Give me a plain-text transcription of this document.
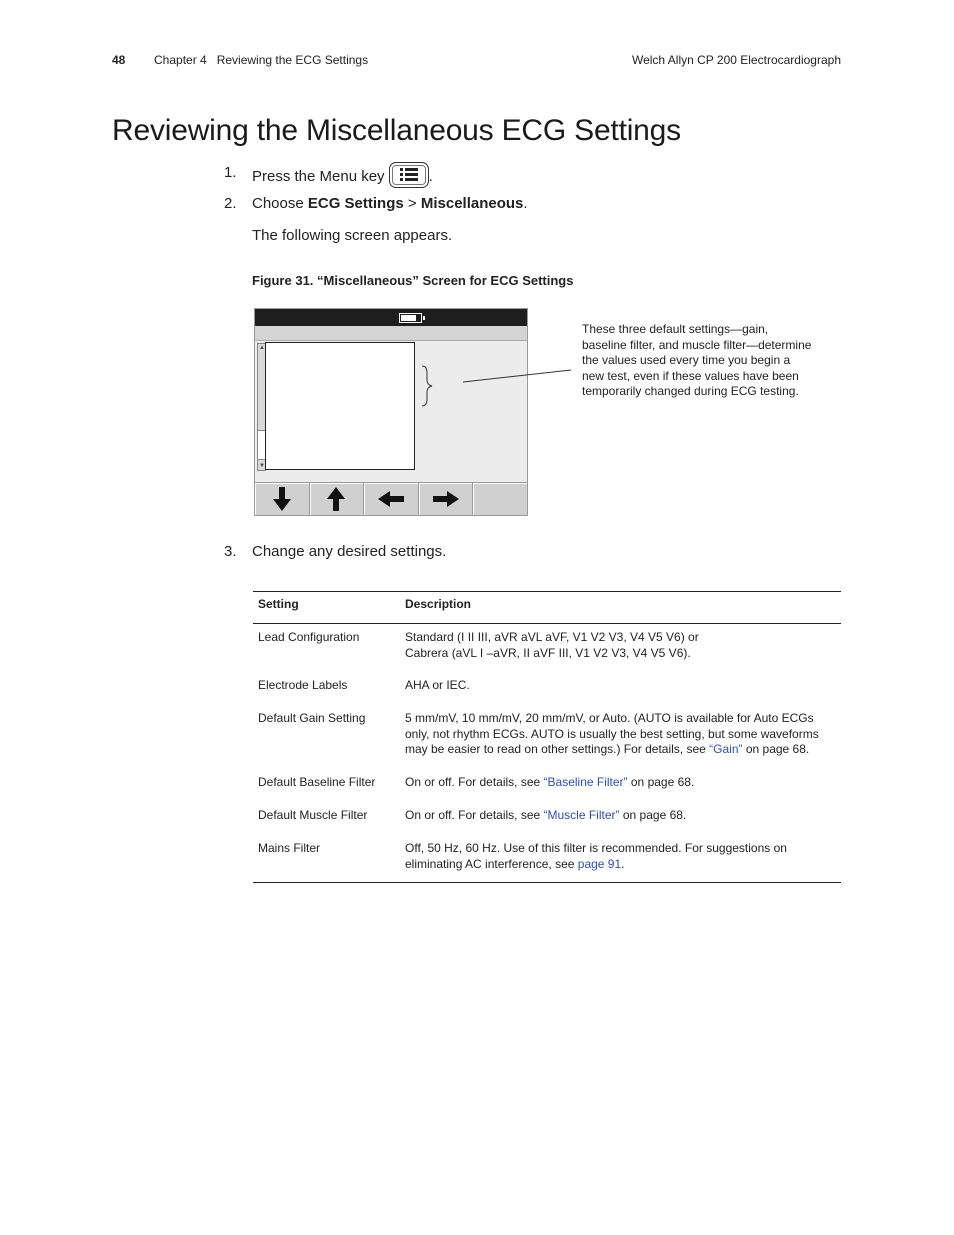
48 Chapter 4   Reviewing the ECG Settings	Welch Allyn CP 200 Electrocardiograph
Reviewing the Miscellaneous ECG Settings
1. Press the Menu key	.
2. Choose ECG Settings > Miscellaneous.
The following screen appears.
Figure 31. “Miscellaneous” Screen for ECG Settings
▲
▼
These three default settings—gain, baseline filter, and muscle filter—determine the values used every time you begin a new test, even if these values have been temporarily changed during ECG testing.
3. Change any desired settings.
Setting	Description
Lead Configuration	Standard (I II III, aVR aVL aVF, V1 V2 V3, V4 V5 V6) or
Cabrera (aVL I –aVR, II aVF III, V1 V2 V3, V4 V5 V6).
Electrode Labels	AHA or IEC.
Default Gain Setting	5 mm/mV, 10 mm/mV, 20 mm/mV, or Auto. (AUTO is available for Auto ECGs only, not rhythm ECGs. AUTO is usually the best setting, but some waveforms may be easier to read on other settings.) For details, see “Gain” on page 68.
Default Baseline Filter	On or off. For details, see “Baseline Filter” on page 68.
Default Muscle Filter	On or off. For details, see “Muscle Filter” on page 68.
Mains Filter	Off, 50 Hz, 60 Hz. Use of this filter is recommended. For suggestions on eliminating AC interference, see page 91.
